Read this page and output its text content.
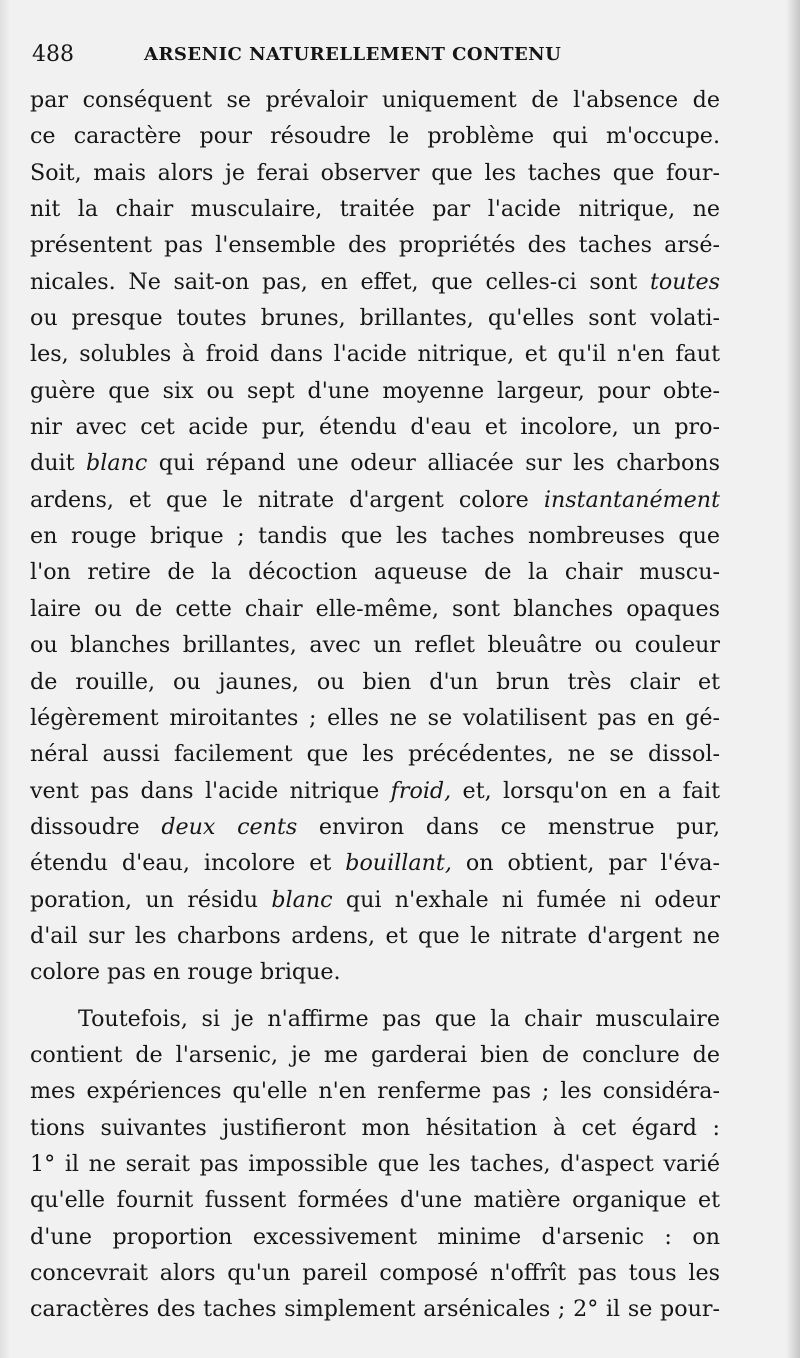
488	ARSENIC NATURELLEMENT CONTENU
par conséquent se prévaloir uniquement de l'absence de
ce caractère pour résoudre le problème qui m'occupe.
Soit, mais alors je ferai observer que les taches que four-
nit la chair musculaire, traitée par l'acide nitrique, ne
présentent pas l'ensemble des propriétés des taches arsé-
nicales. Ne sait-on pas, en effet, que celles-ci sont toutes
ou presque toutes brunes, brillantes, qu'elles sont volati-
les, solubles à froid dans l'acide nitrique, et qu'il n'en faut
guère que six ou sept d'une moyenne largeur, pour obte-
nir avec cet acide pur, étendu d'eau et incolore, un pro-
duit blanc qui répand une odeur alliacée sur les charbons
ardens, et que le nitrate d'argent colore instantanément
en rouge brique ; tandis que les taches nombreuses que
l'on retire de la décoction aqueuse de la chair muscu-
laire ou de cette chair elle-même, sont blanches opaques
ou blanches brillantes, avec un reflet bleuâtre ou couleur
de rouille, ou jaunes, ou bien d'un brun très clair et
légèrement miroitantes ; elles ne se volatilisent pas en gé-
néral aussi facilement que les précédentes, ne se dissol-
vent pas dans l'acide nitrique froid, et, lorsqu'on en a fait
dissoudre deux cents environ dans ce menstrue pur,
étendu d'eau, incolore et bouillant, on obtient, par l'éva-
poration, un résidu blanc qui n'exhale ni fumée ni odeur
d'ail sur les charbons ardens, et que le nitrate d'argent ne
colore pas en rouge brique.
Toutefois, si je n'affirme pas que la chair musculaire
contient de l'arsenic, je me garderai bien de conclure de
mes expériences qu'elle n'en renferme pas ; les considéra-
tions suivantes justifieront mon hésitation à cet égard :
1° il ne serait pas impossible que les taches, d'aspect varié
qu'elle fournit fussent formées d'une matière organique et
d'une proportion excessivement minime d'arsenic : on
concevrait alors qu'un pareil composé n'offrît pas tous les
caractères des taches simplement arsénicales ; 2° il se pour-
